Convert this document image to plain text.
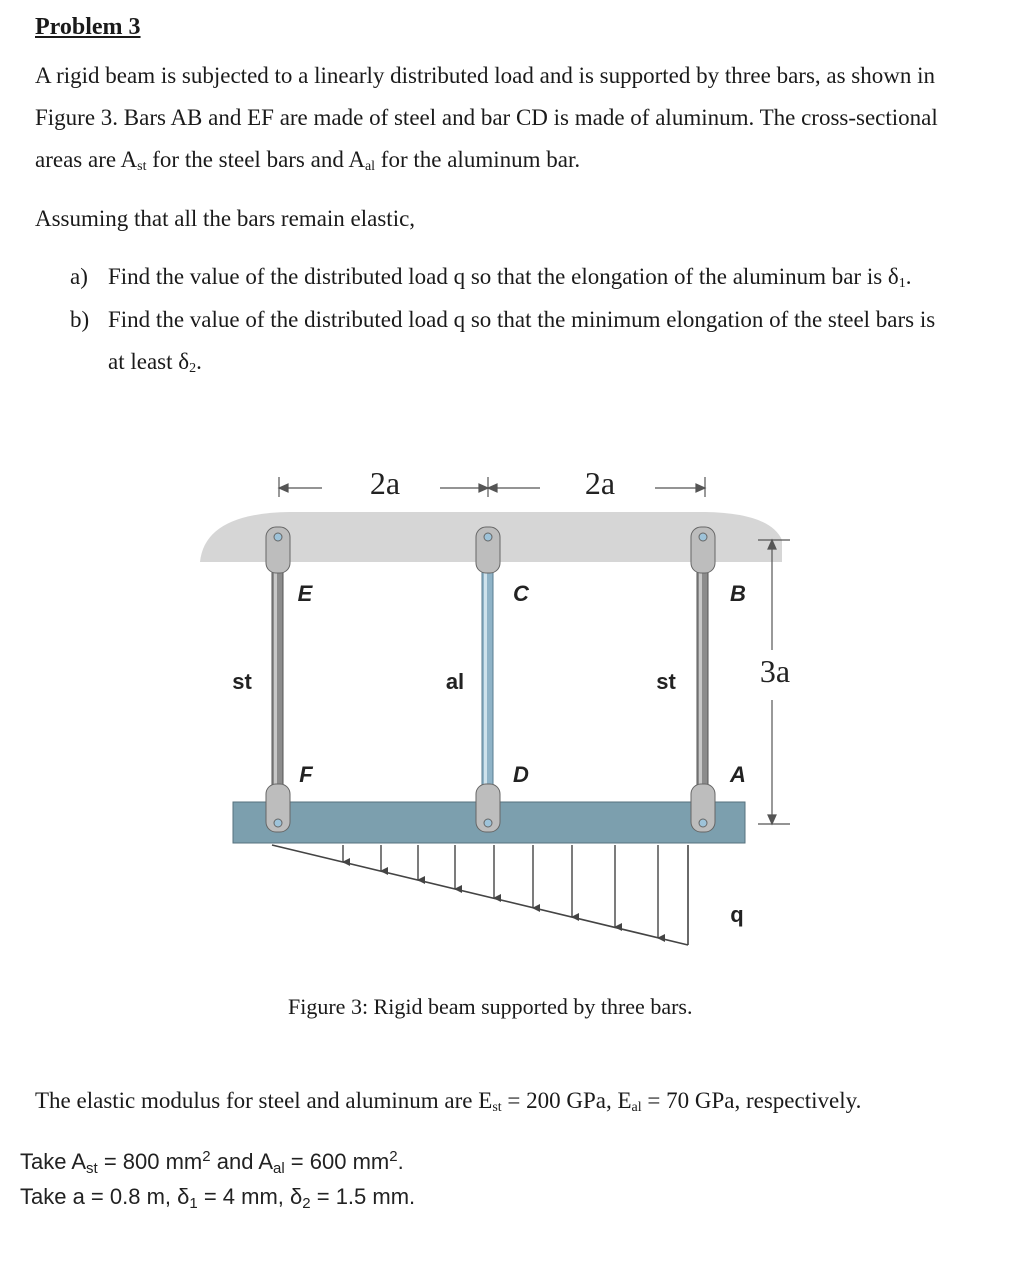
Problem 3
A rigid beam is subjected to a linearly distributed load and is supported by three bars, as shown in
Figure 3. Bars AB and EF are made of steel and bar CD is made of aluminum. The cross-sectional
areas are $A_{st}$ for the steel bars and $A_{al}$ for the aluminum bar.
Assuming that all the bars remain elastic,
a) Find the value of the distributed load q so that the elongation of the aluminum bar is $\delta_1$.
b) Find the value of the distributed load q so that the minimum elongation of the steel bars is
at least $\delta_2$.
2a	2a
3a
E	C	B
st	al	st
F	D	A
q
Figure 3: Rigid beam supported by three bars.
The elastic modulus for steel and aluminum are $E_{st} = 200$ GPa, $E_{al} = 70$ GPa, respectively.
Take $A_{st} = 800$ $mm^2$ and $A_{al} = 600$ $mm^2$.
Take a = 0.8 m, $\delta_1 = 4$ mm, $\delta_2 = 1.5$ mm.
